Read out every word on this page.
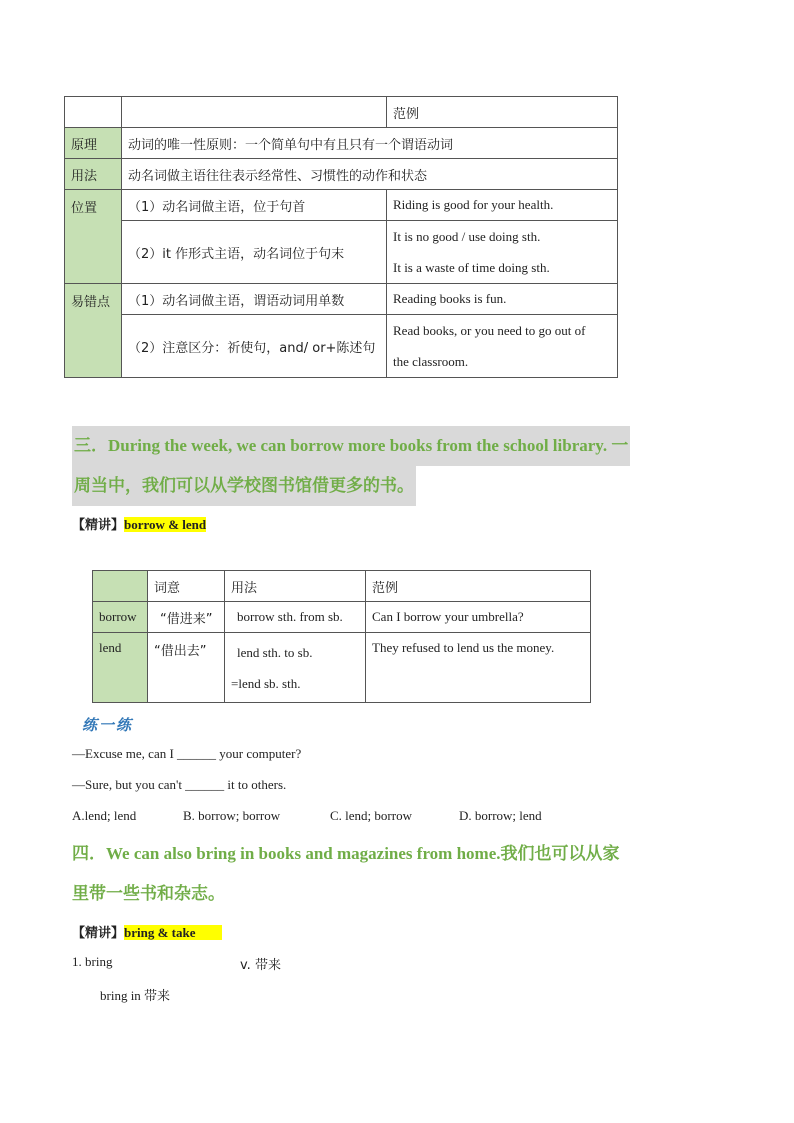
		范例
原理	动词的唯一性原则：一个简单句中有且只有一个谓语动词	
用法	动名词做主语往往表示经常性、习惯性的动作和状态	
位置	（1）动名词做主语，位于句首	Riding is good for your health.
	（2）it 作形式主语，动名词位于句末	It is no good / use doing sth.
It is a waste of time doing sth.

易错点	（1）动名词做主语，谓语动词用单数	Reading books is fun.
	（2）注意区分：祈使句，and/ or+陈述句	Read books, or you need to go out of
the classroom.
三．During the week, we can borrow more books from the school library. 一
周当中，我们可以从学校图书馆借更多的书。
【精讲】borrow & lend
	词意	用法	范例
borrow	“借进来”	borrow sth. from sb.	Can I borrow your umbrella?
lend	“借出去”	lend sth. to sb.
=lend sb. sth.	They refused to lend us the money.
练一练
—Excuse me, can I ______ your computer?
—Sure, but you can't ______ it to others.
A.lend; lend	B. borrow; borrow	C. lend; borrow	D. borrow; lend
四．We can also bring in books and magazines from home.我们也可以从家
里带一些书和杂志。
【精讲】bring & take
1. bring	v. 带来
bring in 带来
